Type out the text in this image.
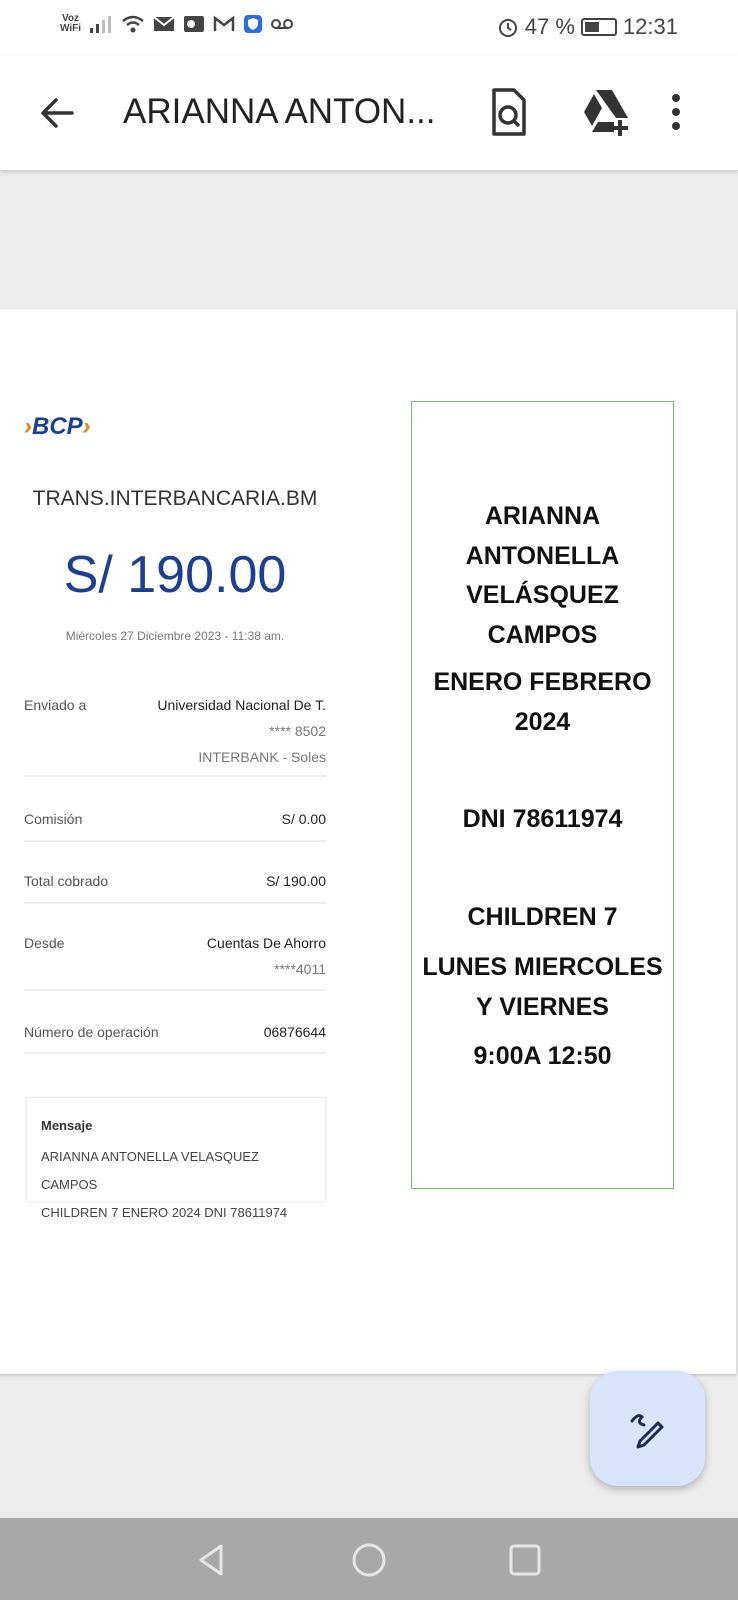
Voz
WiFi	47 % 12:31
ARIANNA ANTON...
›BCP›
TRANS.INTERBANCARIA.BM
S/ 190.00
Miércoles 27 Diciembre 2023 - 11:38 am.
Enviado a	Universidad Nacional De T.
**** 8502
INTERBANK - Soles
Comisión	S/ 0.00
Total cobrado	S/ 190.00
Desde	Cuentas De Ahorro
****4011
Número de operación	06876644
Mensaje
ARIANNA ANTONELLA VELASQUEZ CAMPOS
CHILDREN 7 ENERO 2024 DNI 78611974
ARIANNA
ANTONELLA
VELÁSQUEZ
CAMPOS
ENERO FEBRERO
2024
DNI 78611974
CHILDREN 7
LUNES MIERCOLES
Y VIERNES
9:00A 12:50
